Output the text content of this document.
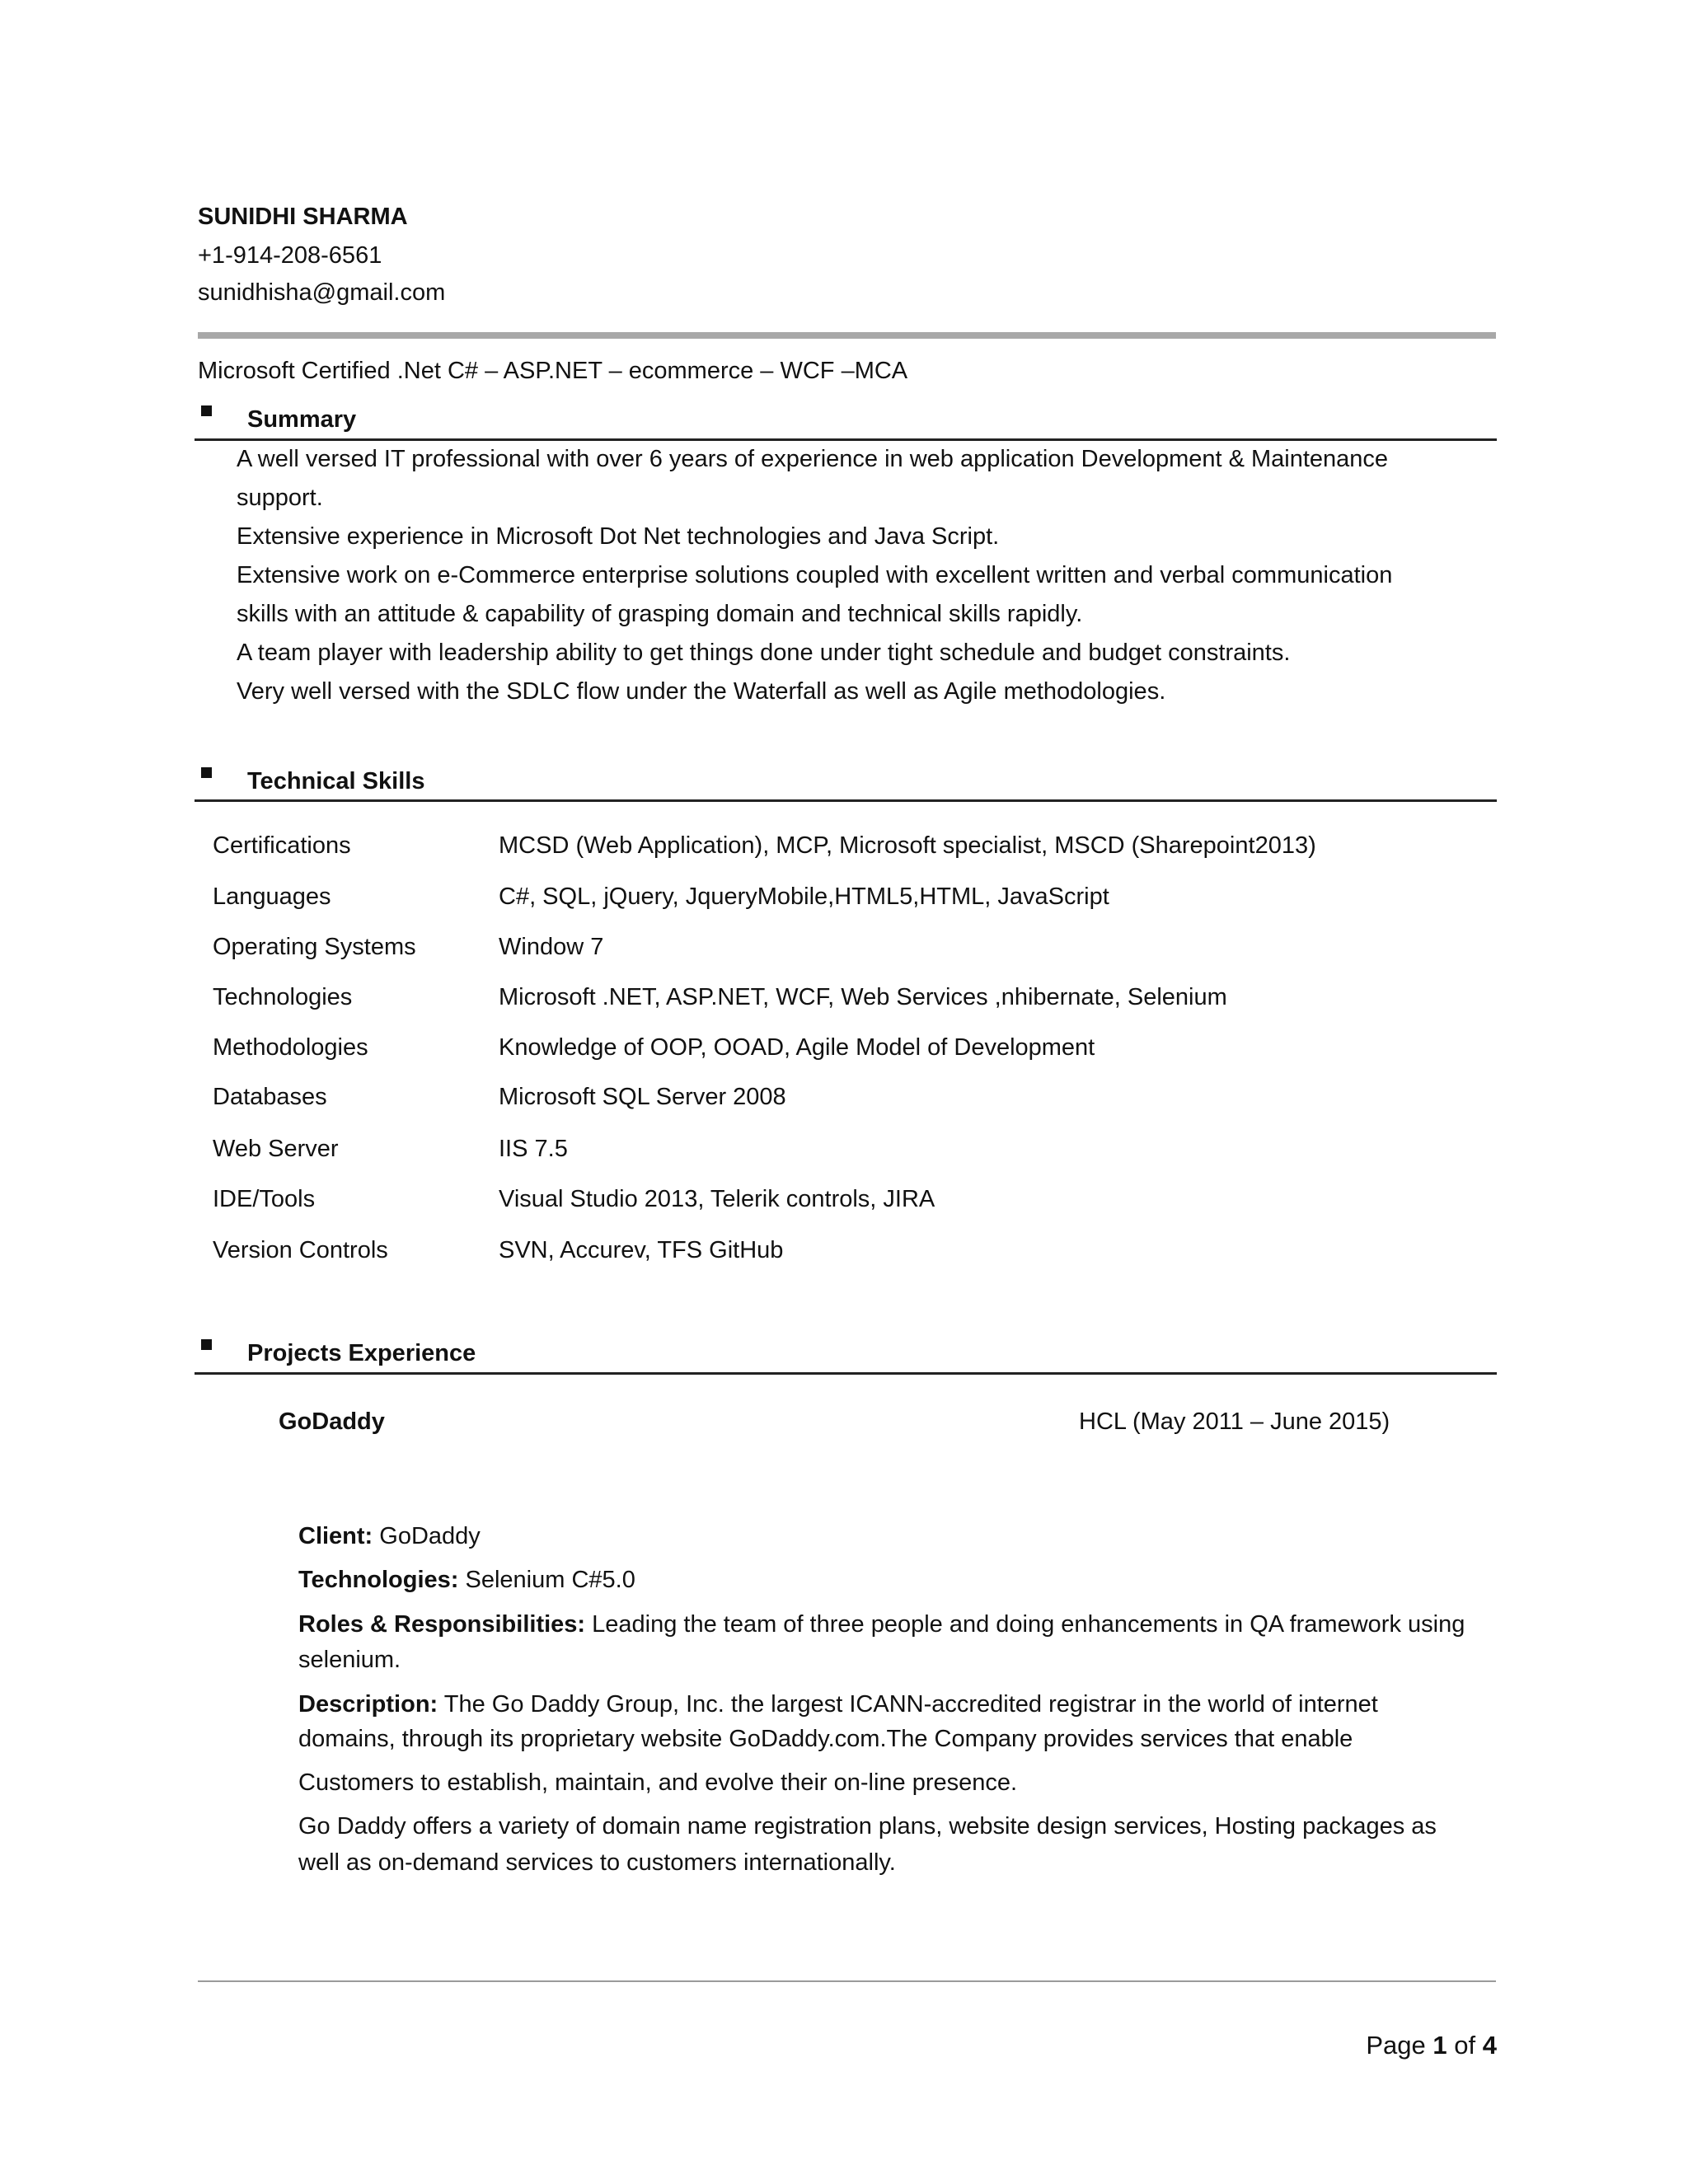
SUNIDHI SHARMA
+1-914-208-6561
sunidhisha@gmail.com
Microsoft Certified .Net C# – ASP.NET – ecommerce – WCF –MCA
Summary
A well versed IT professional with over 6 years of experience in web application Development & Maintenance
support.
Extensive experience in Microsoft Dot Net technologies and Java Script.
Extensive work on e-Commerce enterprise solutions coupled with excellent written and verbal communication
skills with an attitude & capability of grasping domain and technical skills rapidly.
A team player with leadership ability to get things done under tight schedule and budget constraints.
Very well versed with the SDLC flow under the Waterfall as well as Agile methodologies.
Technical Skills
Certifications	MCSD (Web Application), MCP, Microsoft specialist, MSCD (Sharepoint2013)
Languages	C#, SQL, jQuery, JqueryMobile,HTML5,HTML, JavaScript
Operating Systems	Window 7
Technologies	Microsoft .NET, ASP.NET, WCF, Web Services ,nhibernate, Selenium
Methodologies	Knowledge of OOP, OOAD, Agile Model of Development
Databases	Microsoft SQL Server 2008
Web Server	IIS 7.5
IDE/Tools	Visual Studio 2013, Telerik controls, JIRA
Version Controls	SVN, Accurev, TFS GitHub
Projects Experience
GoDaddy	HCL (May 2011 – June 2015)
Client: GoDaddy
Technologies: Selenium C#5.0
Roles & Responsibilities: Leading the team of three people and doing enhancements in QA framework using
selenium.
Description: The Go Daddy Group, Inc. the largest ICANN-accredited registrar in the world of internet
domains, through its proprietary website GoDaddy.com.The Company provides services that enable
Customers to establish, maintain, and evolve their on-line presence.
Go Daddy offers a variety of domain name registration plans, website design services, Hosting packages as
well as on-demand services to customers internationally.
Page 1 of 4
